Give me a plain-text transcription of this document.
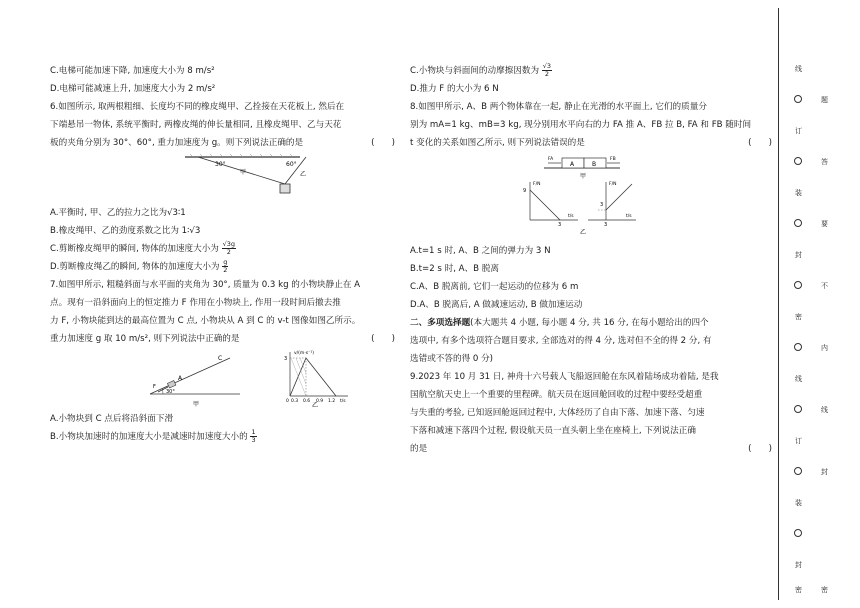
C.电梯可能加速下降, 加速度大小为 8 m/s²
D.电梯可能减速上升, 加速度大小为 2 m/s²
6.如图所示, 取两根粗细、长度均不同的橡皮绳甲、乙拴接在天花板上, 然后在
下端悬吊一物体, 系统平衡时, 两橡皮绳的伸长量相同, 且橡皮绳甲、乙与天花
板的夹角分别为 30°、60°, 重力加速度为 g。则下列说法正确的是	(　　)
30°	60°
甲	乙
A.平衡时, 甲、乙的拉力之比为√3∶1
B.橡皮绳甲、乙的劲度系数之比为 1∶√3
C.剪断橡皮绳甲的瞬间, 物体的加速度大小为 $\frac{√3g}{2}$
D.剪断橡皮绳乙的瞬间, 物体的加速度大小为 $\frac{g}{2}$
7.如图甲所示, 粗糙斜面与水平面的夹角为 30°, 质量为 0.3 kg 的小物块静止在 A
点。现有一沿斜面向上的恒定推力 F 作用在小物块上, 作用一段时间后撤去推
力 F, 小物块能到达的最高位置为 C 点, 小物块从 A 到 C 的 v-t 图像如图乙所示。
重力加速度 g 取 10 m/s², 则下列说法中正确的是	(　　)
30°
A
C
F
甲
v/(m·s⁻¹)
3
0 0.3 0.6 0.9 1.2 t/s
乙
A.小物块到 C 点后将沿斜面下滑
B.小物块加速时的加速度大小是减速时加速度大小的 $\frac{1}{3}$
C.小物块与斜面间的动摩擦因数为 $\frac{√3}{2}$
D.推力 F 的大小为 6 N
8.如图甲所示, A、B 两个物体靠在一起, 静止在光滑的水平面上, 它们的质量分
别为 mA=1 kg、mB=3 kg, 现分别用水平向右的力 FA 推 A、FB 拉 B, FA 和 FB 随时间
t 变化的关系如图乙所示, 则下列说法错误的是	(　　)
A	B
FA	FB
甲
9
3
F/N
t/s
3
3
F/N
t/s
乙
A.t=1 s 时, A、B 之间的弹力为 3 N
B.t=2 s 时, A、B 脱离
C.A、B 脱离前, 它们一起运动的位移为 6 m
D.A、B 脱离后, A 做减速运动, B 做加速运动
二、多项选择题(本大题共 4 小题, 每小题 4 分, 共 16 分, 在每小题给出的四个
选项中, 有多个选项符合题目要求, 全部选对的得 4 分, 选对但不全的得 2 分, 有
选错或不答的得 0 分)
9.2023 年 10 月 31 日, 神舟十六号载人飞船返回舱在东风着陆场成功着陆, 是我
国航空航天史上一个重要的里程碑。航天员在返回舱回收的过程中要经受超重
与失重的考验, 已知返回舱返回过程中, 大体经历了自由下落、加速下落、匀速
下落和减速下落四个过程, 假设航天员一直头朝上坐在座椅上, 下列说法正确
的是	(　　)
线
订
装
封
密
线
订
装
封
密
题
答
要
不
内
线
封
密
